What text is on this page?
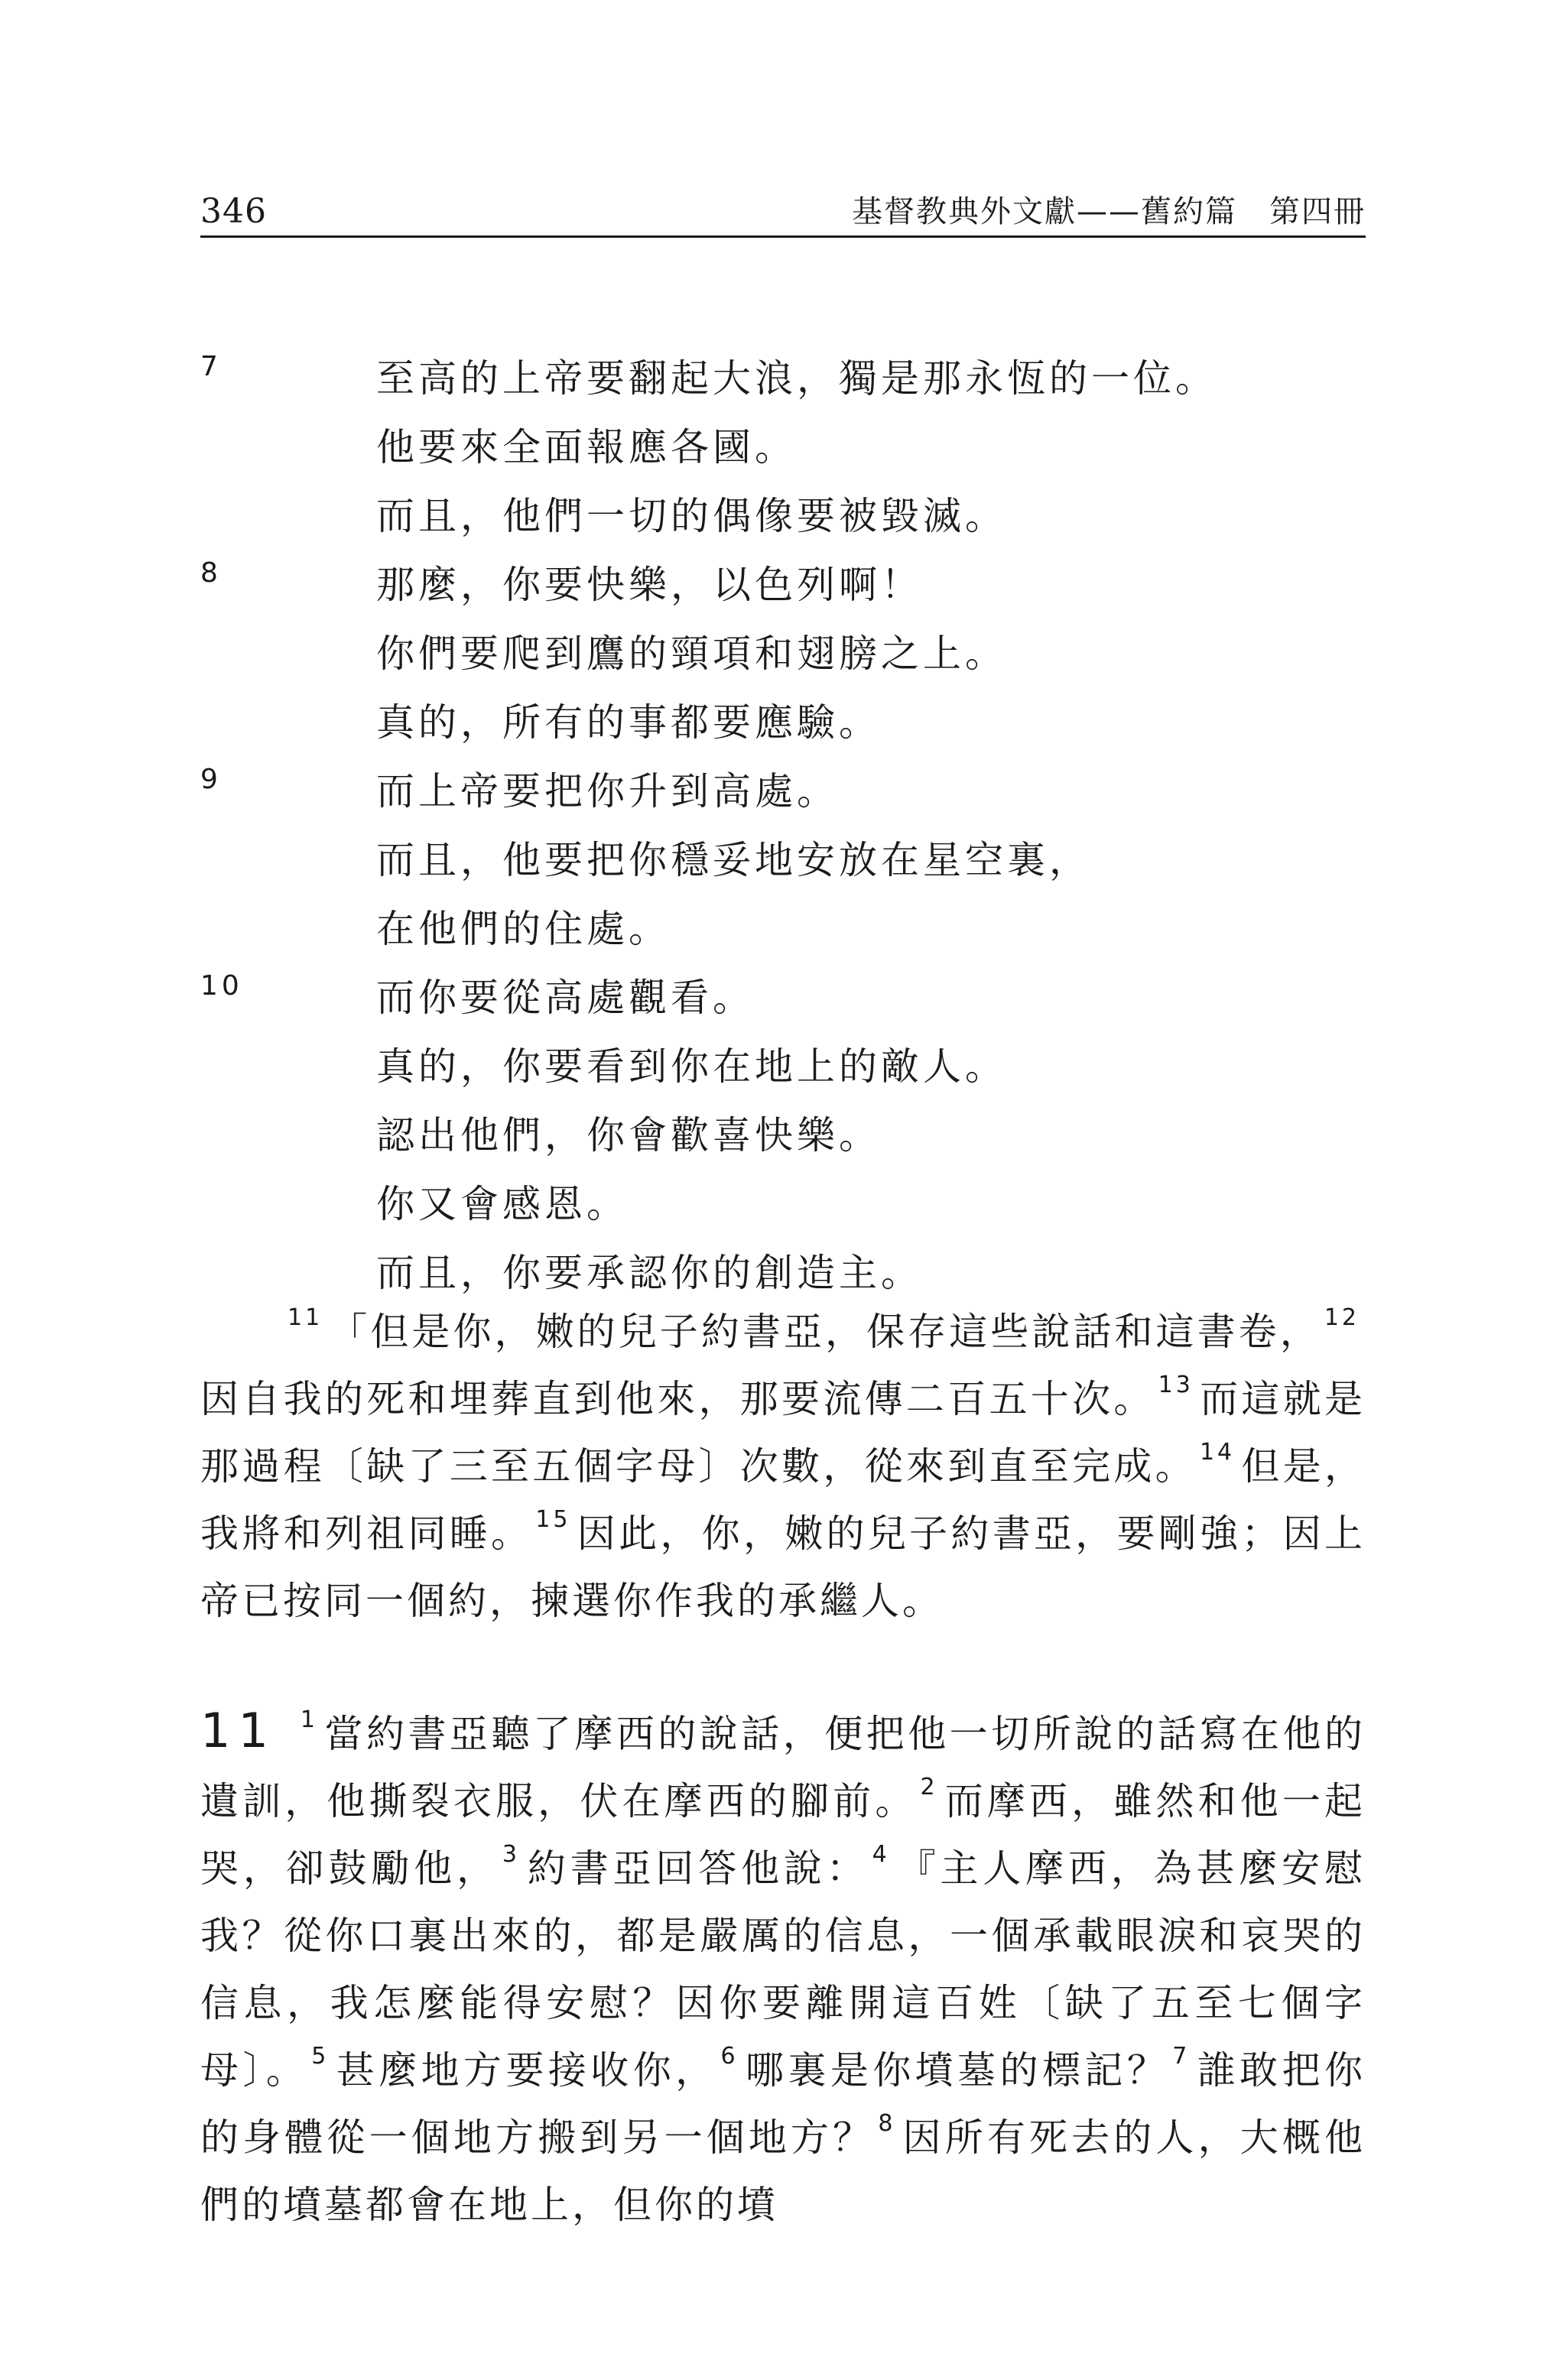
346	基督教典外文獻——舊約篇　第四冊
7	至高的上帝要翻起大浪，獨是那永恆的一位。
他要來全面報應各國。
而且，他們一切的偶像要被毀滅。
8	那麼，你要快樂，以色列啊！
你們要爬到鷹的頸項和翅膀之上。
真的，所有的事都要應驗。
9	而上帝要把你升到高處。
而且，他要把你穩妥地安放在星空裏，
在他們的住處。
10	而你要從高處觀看。
真的，你要看到你在地上的敵人。
認出他們，你會歡喜快樂。
你又會感恩。
而且，你要承認你的創造主。
$^{11}$ 「但是你，嫩的兒子約書亞，保存這些說話和這書卷， $^{12}$因自我的死和埋葬直到他來，那要流傳二百五十次。 $^{13}$ 而這就是那過程〔缺了三至五個字母〕次數，從來到直至完成。 $^{14}$ 但是，我將和列祖同睡。 $^{15}$ 因此，你，嫩的兒子約書亞，要剛強；因上帝已按同一個約，揀選你作我的承繼人。
11 $^1$ 當約書亞聽了摩西的說話，便把他一切所說的話寫在他的遺訓，他撕裂衣服，伏在摩西的腳前。 $^2$ 而摩西，雖然和他一起哭，卻鼓勵他， $^3$ 約書亞回答他說： $^4$ 『主人摩西，為甚麼安慰我？從你口裏出來的，都是嚴厲的信息，一個承載眼淚和哀哭的信息，我怎麼能得安慰？因你要離開這百姓〔缺了五至七個字母〕。 $^5$ 甚麼地方要接收你， $^6$ 哪裏是你墳墓的標記？ $^7$ 誰敢把你的身體從一個地方搬到另一個地方？ $^8$ 因所有死去的人，大概他們的墳墓都會在地上，但你的墳
